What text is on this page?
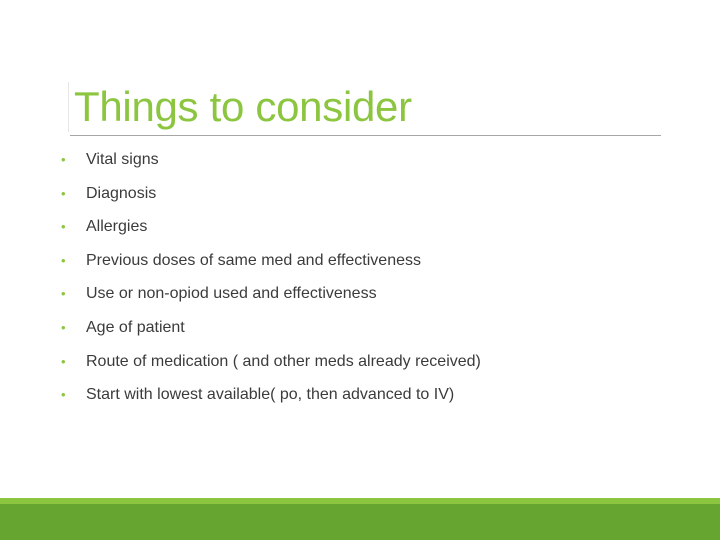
Things to consider
• Vital signs
• Diagnosis
• Allergies
• Previous doses of same med and effectiveness
• Use or non-opiod used and effectiveness
• Age of patient
• Route of medication ( and other meds already received)
• Start with lowest available( po, then advanced to IV)
